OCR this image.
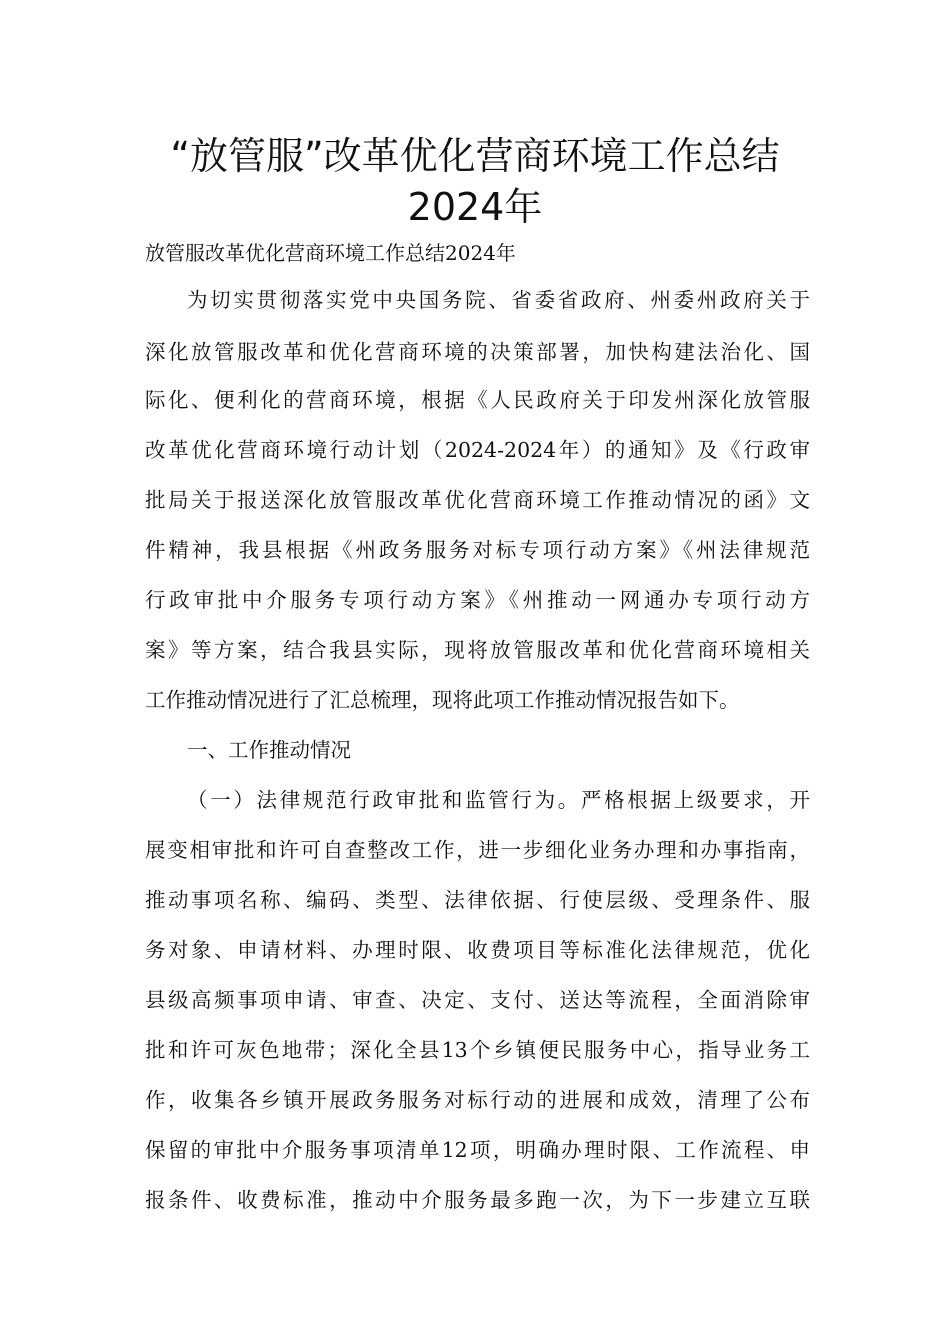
“放管服”改革优化营商环境工作总结
2024年
放管服改革优化营商环境工作总结2024年
为切实贯彻落实党中央国务院、省委省政府、州委州政府关于
深化放管服改革和优化营商环境的决策部署，加快构建法治化、国
际化、便利化的营商环境，根据《人民政府关于印发州深化放管服
改革优化营商环境行动计划（2024-2024年）的通知》及《行政审
批局关于报送深化放管服改革优化营商环境工作推动情况的函》文
件精神，我县根据《州政务服务对标专项行动方案》《州法律规范
行政审批中介服务专项行动方案》《州推动一网通办专项行动方
案》等方案，结合我县实际，现将放管服改革和优化营商环境相关
工作推动情况进行了汇总梳理，现将此项工作推动情况报告如下。
一、工作推动情况
（一）法律规范行政审批和监管行为。严格根据上级要求，开
展变相审批和许可自查整改工作，进一步细化业务办理和办事指南，
推动事项名称、编码、类型、法律依据、行使层级、受理条件、服
务对象、申请材料、办理时限、收费项目等标准化法律规范，优化
县级高频事项申请、审查、决定、支付、送达等流程，全面消除审
批和许可灰色地带；深化全县13个乡镇便民服务中心，指导业务工
作，收集各乡镇开展政务服务对标行动的进展和成效，清理了公布
保留的审批中介服务事项清单12项，明确办理时限、工作流程、申
报条件、收费标准，推动中介服务最多跑一次，为下一步建立互联
